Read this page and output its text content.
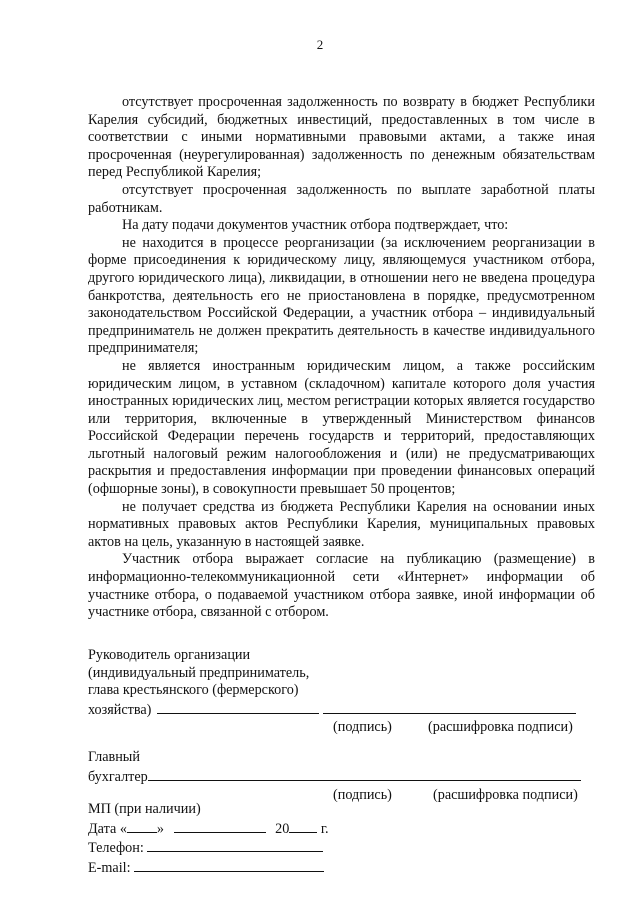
2

отсутствует просроченная задолженность по возврату в бюджет Республики Карелия субсидий, бюджетных инвестиций, предоставленных в том числе в соответствии с иными нормативными правовыми актами, а также иная просроченная (неурегулированная) задолженность по денежным обязательствам перед Республикой Карелия;

отсутствует просроченная задолженность по выплате заработной платы работникам.

На дату подачи документов участник отбора подтверждает, что:

не находится в процессе реорганизации (за исключением реорганизации в форме присоединения к юридическому лицу, являющемуся участником отбора, другого юридического лица), ликвидации, в отношении него не введена процедура банкротства, деятельность его не приостановлена в порядке, предусмотренном законодательством Российской Федерации, а участник отбора – индивидуальный предприниматель не должен прекратить деятельность в качестве индивидуального предпринимателя;

не является иностранным юридическим лицом, а также российским юридическим лицом, в уставном (складочном) капитале которого доля участия иностранных юридических лиц, местом регистрации которых является государство или территория, включенные в утвержденный Министерством финансов Российской Федерации перечень государств и территорий, предоставляющих льготный налоговый режим налогообложения и (или) не предусматривающих раскрытия и предоставления информации при проведении финансовых операций (офшорные зоны), в совокупности превышает 50 процентов;

не получает средства из бюджета Республики Карелия на основании иных нормативных правовых актов Республики Карелия, муниципальных правовых актов на цель, указанную в настоящей заявке.

Участник отбора выражает согласие на публикацию (размещение) в информационно-телекоммуникационной сети «Интернет» информации об участнике отбора, о подаваемой участником отбора заявке, иной информации об участнике отбора, связанной с отбором.

Руководитель организации
(индивидуальный предприниматель,
глава крестьянского (фермерского)
хозяйства)
(подпись)	(расшифровка подписи)
Главный
бухгалтер
(подпись)	(расшифровка подписи)
МП (при наличии)
Дата « »	20 г.
Телефон:
E-mail:
